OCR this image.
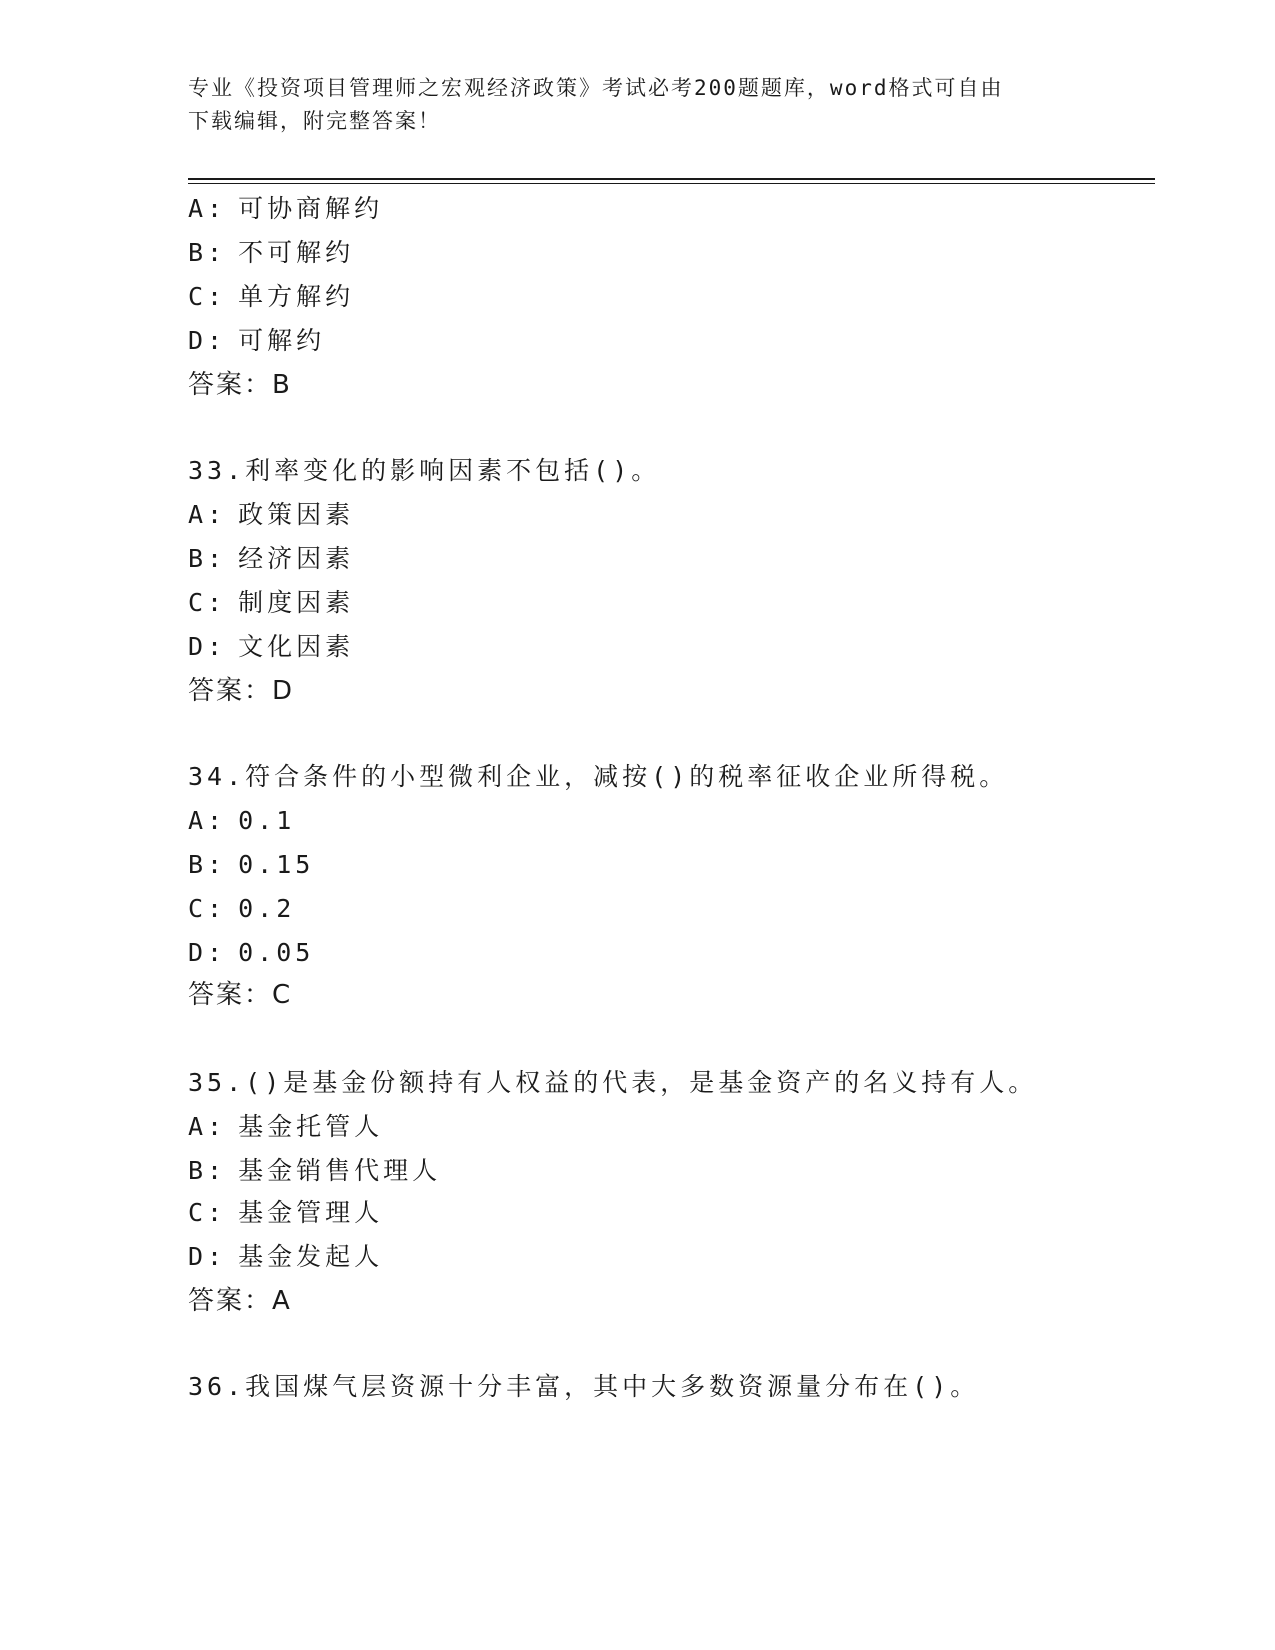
专业《投资项目管理师之宏观经济政策》考试必考200题题库，word格式可自由
下载编辑，附完整答案！
A: 可协商解约
B: 不可解约
C: 单方解约
D: 可解约
答案：B
33.利率变化的影响因素不包括()。
A: 政策因素
B: 经济因素
C: 制度因素
D: 文化因素
答案：D
34.符合条件的小型微利企业，减按()的税率征收企业所得税。
A: 0.1
B: 0.15
C: 0.2
D: 0.05
答案：C
35.()是基金份额持有人权益的代表，是基金资产的名义持有人。
A: 基金托管人
B: 基金销售代理人
C: 基金管理人
D: 基金发起人
答案：A
36.我国煤气层资源十分丰富，其中大多数资源量分布在()。
